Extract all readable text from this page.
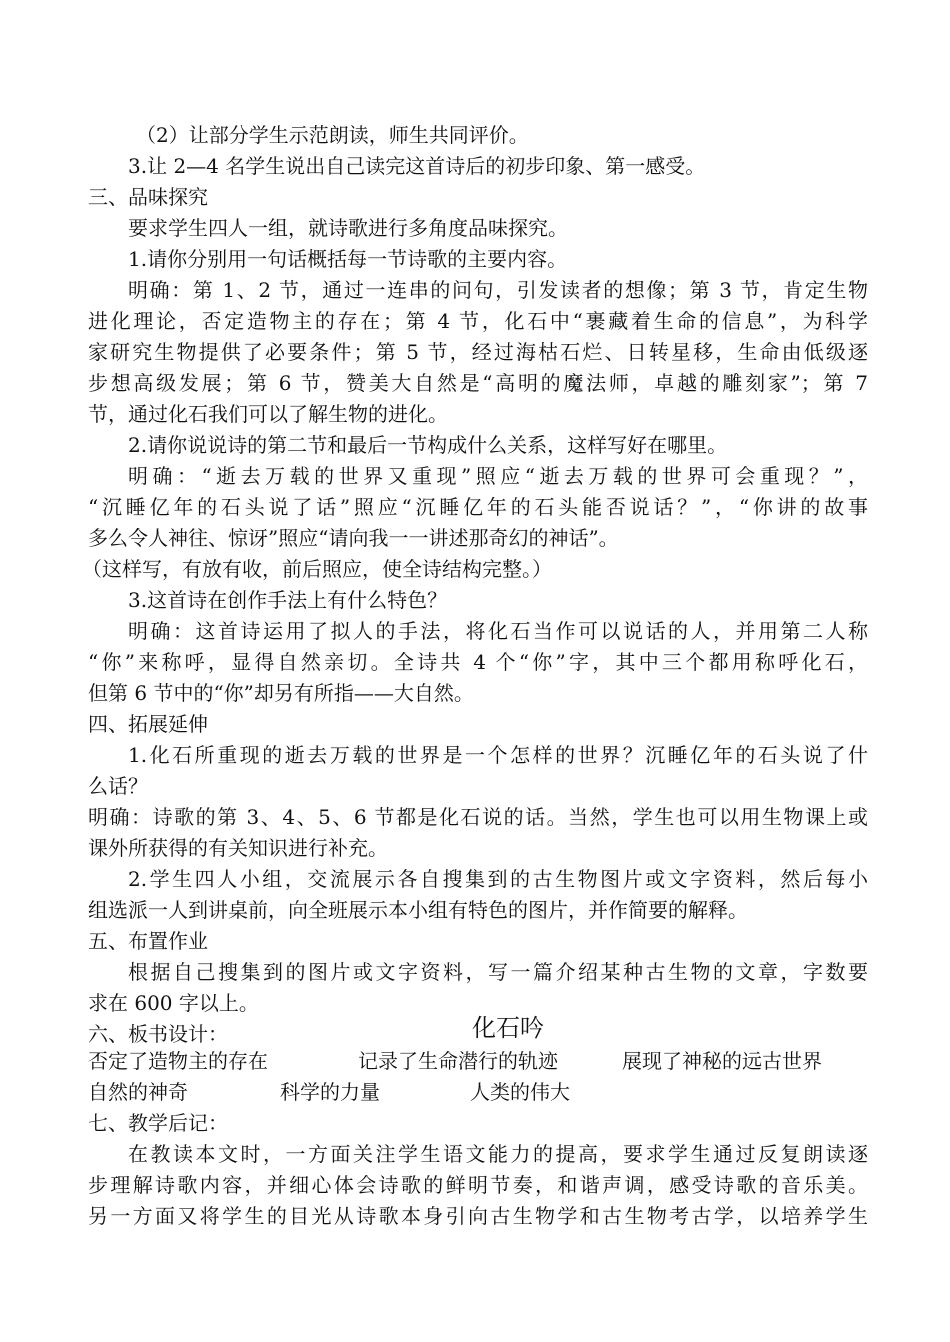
（2）让部分学生示范朗读，师生共同评价。

3.让 2—4 名学生说出自己读完这首诗后的初步印象、第一感受。

三、品味探究

要求学生四人一组，就诗歌进行多角度品味探究。

1.请你分别用一句话概括每一节诗歌的主要内容。

明确：第 1、2 节，通过一连串的问句，引发读者的想像；第 3 节，肯定生物

进化理论，否定造物主的存在；第 4 节，化石中“裹藏着生命的信息”，为科学

家研究生物提供了必要条件；第 5 节，经过海枯石烂、日转星移，生命由低级逐

步想高级发展；第 6 节，赞美大自然是“高明的魔法师，卓越的雕刻家”；第 7

节，通过化石我们可以了解生物的进化。

2.请你说说诗的第二节和最后一节构成什么关系，这样写好在哪里。

明确：“逝去万载的世界又重现”照应“逝去万载的世界可会重现？”，

“沉睡亿年的石头说了话”照应“沉睡亿年的石头能否说话？”，“你讲的故事

多么令人神往、惊讶”照应“请向我一一讲述那奇幻的神话”。

（这样写，有放有收，前后照应，使全诗结构完整。）

3.这首诗在创作手法上有什么特色？

明确：这首诗运用了拟人的手法，将化石当作可以说话的人，并用第二人称

“你”来称呼，显得自然亲切。全诗共 4 个“你”字，其中三个都用称呼化石，

但第 6 节中的“你”却另有所指——大自然。

四、拓展延伸

1.化石所重现的逝去万载的世界是一个怎样的世界？沉睡亿年的石头说了什

么话？

明确：诗歌的第 3、4、5、6 节都是化石说的话。当然，学生也可以用生物课上或

课外所获得的有关知识进行补充。

2.学生四人小组，交流展示各自搜集到的古生物图片或文字资料，然后每小

组选派一人到讲桌前，向全班展示本小组有特色的图片，并作简要的解释。

五、布置作业

根据自己搜集到的图片或文字资料，写一篇介绍某种古生物的文章，字数要

求在 600 字以上。

六、板书设计：	化石吟

否定了造物主的存在	记录了生命潜行的轨迹	展现了神秘的远古世界

自然的神奇	科学的力量	人类的伟大

七、教学后记：

在教读本文时，一方面关注学生语文能力的提高，要求学生通过反复朗读逐

步理解诗歌内容，并细心体会诗歌的鲜明节奏，和谐声调，感受诗歌的音乐美。

另一方面又将学生的目光从诗歌本身引向古生物学和古生物考古学，以培养学生
